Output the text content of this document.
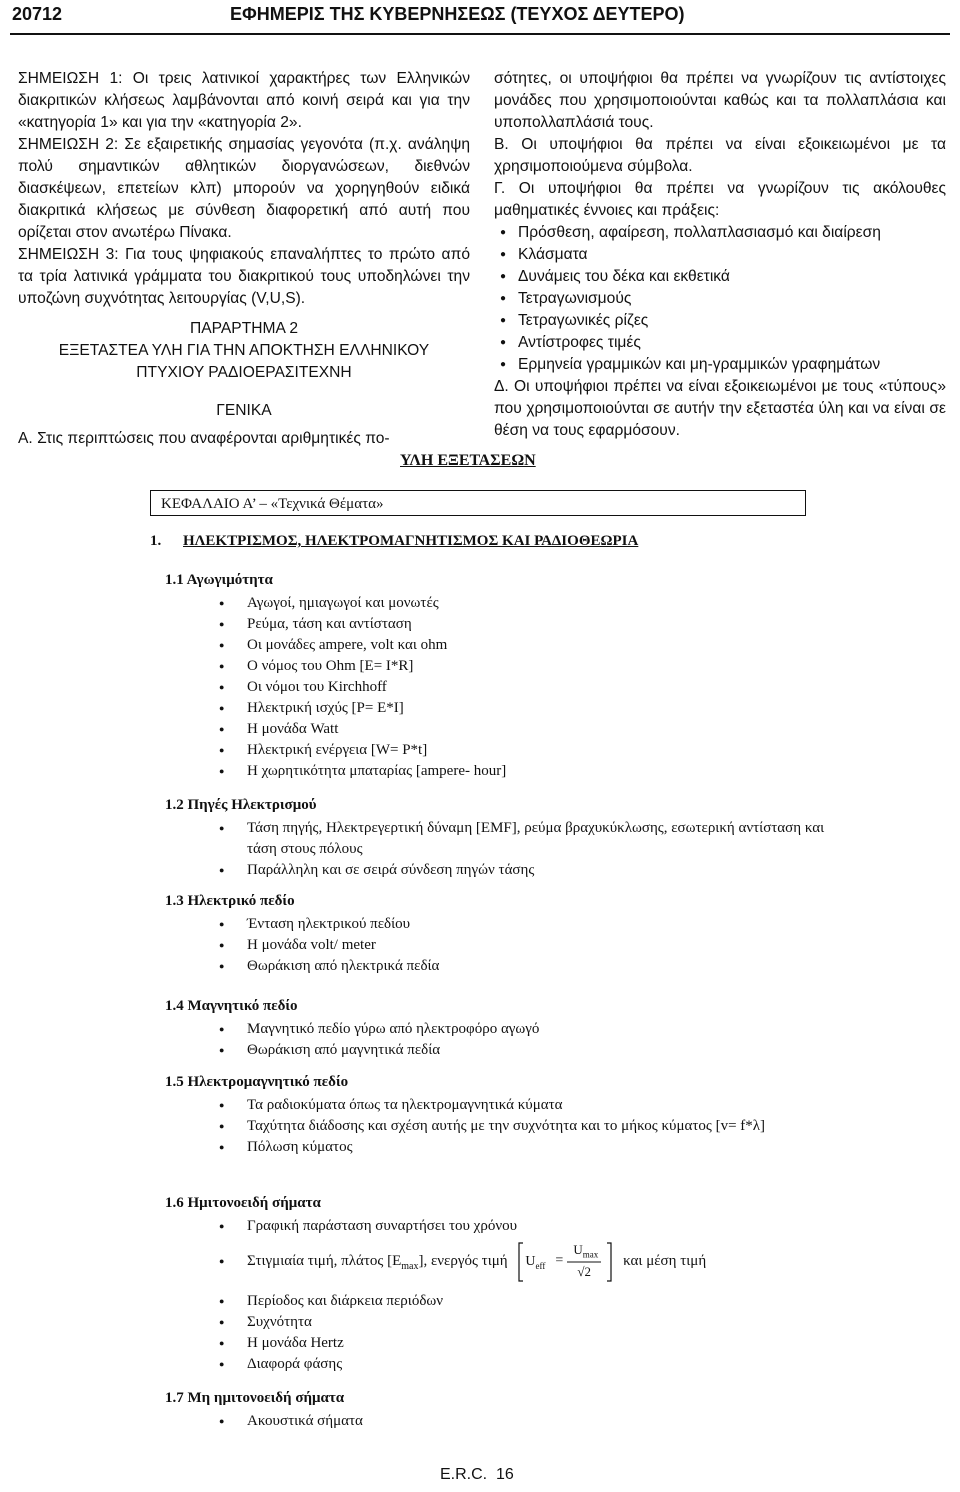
20712	ΕΦΗΜΕΡΙΣ ΤΗΣ ΚΥΒΕΡΝΗΣΕΩΣ (ΤΕΥΧΟΣ ΔΕΥΤΕΡΟ)

ΣΗΜΕΙΩΣΗ 1: Οι τρεις λατινικοί χαρακτήρες των Ελληνικών διακριτικών κλήσεως λαμβάνονται από κοινή σειρά και για την «κατηγορία 1» και για την «κατηγορία 2».

ΣΗΜΕΙΩΣΗ 2: Σε εξαιρετικής σημασίας γεγονότα (π.χ. ανάληψη πολύ σημαντικών αθλητικών διοργανώσεων, διεθνών διασκέψεων, επετείων κλπ) μπορούν να χορηγηθούν ειδικά διακριτικά κλήσεως με σύνθεση διαφορετική από αυτή που ορίζεται στον ανωτέρω Πίνακα.

ΣΗΜΕΙΩΣΗ 3: Για τους ψηφιακούς επαναλήπτες το πρώτο από τα τρία λατινικά γράμματα του διακριτικού τους υποδηλώνει την υποζώνη συχνότητας λειτουργίας (V,U,S).

ΠΑΡΑΡΤΗΜΑ 2

ΕΞΕΤΑΣΤΕΑ ΥΛΗ ΓΙΑ ΤΗΝ ΑΠΟΚΤΗΣΗ ΕΛΛΗΝΙΚΟΥ

ΠΤΥΧΙΟΥ ΡΑΔΙΟΕΡΑΣΙΤΕΧΝΗ

ΓΕΝΙΚΑ

Α. Στις περιπτώσεις που αναφέρονται αριθμητικές πο-

σότητες, οι υποψήφιοι θα πρέπει να γνωρίζουν τις αντίστοιχες μονάδες που χρησιμοποιούνται καθώς και τα πολλαπλάσια και υποπολλαπλάσιά τους.

Β. Οι υποψήφιοι θα πρέπει να είναι εξοικειωμένοι με τα χρησιμοποιούμενα σύμβολα.

Γ. Οι υποψήφιοι θα πρέπει να γνωρίζουν τις ακόλουθες μαθηματικές έννοιες και πράξεις:

● Πρόσθεση, αφαίρεση, πολλαπλασιασμό και διαίρεση
● Κλάσματα
● Δυνάμεις του δέκα και εκθετικά
● Τετραγωνισμούς
● Τετραγωνικές ρίζες
● Αντίστροφες τιμές
● Ερμηνεία γραμμικών και μη-γραμμικών γραφημάτων

Δ. Οι υποψήφιοι πρέπει να είναι εξοικειωμένοι με τους «τύπους» που χρησιμοποιούνται σε αυτήν την εξεταστέα ύλη και να είναι σε θέση να τους εφαρμόσουν.

ΥΛΗ ΕΞΕΤΑΣΕΩΝ
ΚΕΦΑΛΑΙΟ Α’ – «Τεχνικά Θέματα»
1. ΗΛΕΚΤΡΙΣΜΟΣ, ΗΛΕΚΤΡΟΜΑΓΝΗΤΙΣΜΟΣ ΚΑΙ ΡΑΔΙΟΘΕΩΡΙΑ
1.1 Αγωγιμότητα
● Αγωγοί, ημιαγωγοί και μονωτές
● Ρεύμα, τάση και αντίσταση
● Οι μονάδες ampere, volt και ohm
● Ο νόμος του Ohm [E= I*R]
● Οι νόμοι του Kirchhoff
● Ηλεκτρική ισχύς [P= E*I]
● Η μονάδα Watt
● Ηλεκτρική ενέργεια [W= P*t]
● Η χωρητικότητα μπαταρίας [ampere- hour]
1.2 Πηγές Ηλεκτρισμού
● Τάση πηγής, Ηλεκτρεγερτική δύναμη [EMF], ρεύμα βραχυκύκλωσης, εσωτερική αντίσταση και τάση στους πόλους
● Παράλληλη και σε σειρά σύνδεση πηγών τάσης
1.3 Ηλεκτρικό πεδίο
● Ένταση ηλεκτρικού πεδίου
● Η μονάδα volt/ meter
● Θωράκιση από ηλεκτρικά πεδία
1.4 Μαγνητικό πεδίο
● Μαγνητικό πεδίο γύρω από ηλεκτροφόρο αγωγό
● Θωράκιση από μαγνητικά πεδία
1.5 Ηλεκτρομαγνητικό πεδίο
● Τα ραδιοκύματα όπως τα ηλεκτρομαγνητικά κύματα
● Ταχύτητα διάδοσης και σχέση αυτής με την συχνότητα και το μήκος κύματος [v= f*λ]
● Πόλωση κύματος
1.6 Ημιτονοειδή σήματα
● Γραφική παράσταση συναρτήσει του χρόνου
● Στιγμιαία τιμή, πλάτος $[E_{max}]$, ενεργός τιμή $U_{eff}$ =
$U_{max}$
√2
και μέση τιμή
● Περίοδος και διάρκεια περιόδων
● Συχνότητα
● Η μονάδα Hertz
● Διαφορά φάσης
1.7 Μη ημιτονοειδή σήματα
● Ακουστικά σήματα
E.R.C.  16
